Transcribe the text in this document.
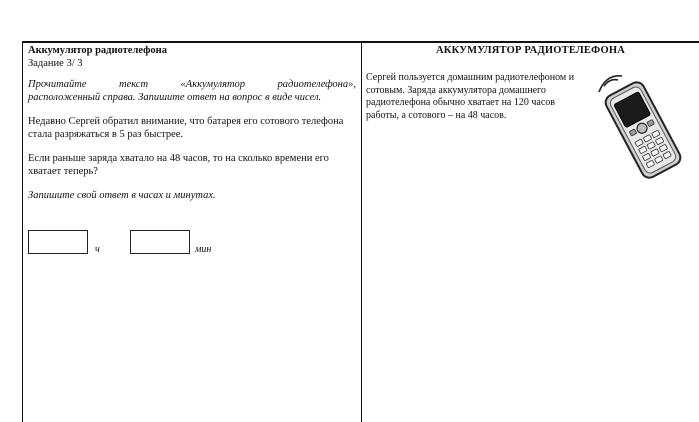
Аккумулятор радиотелефона
Задание 3/ 3
Прочитайте текст «Аккумулятор радиотелефона»,
расположенный справа. Запишите ответ на вопрос в виде чисел.
Недавно Сергей обратил внимание, что батарея его сотового телефона стала разряжаться в 5 раз быстрее.
Если раньше заряда хватало на 48 часов, то на сколько времени его хватает теперь?
Запишите свой ответ в часах и минутах.
ч	мин
АККУМУЛЯТОР РАДИОТЕЛЕФОНА
Сергей пользуется домашним радиотелефоном и сотовым. Заряда аккумулятора домашнего радиотелефона обычно хватает на 120 часов работы, а сотового – на 48 часов.
